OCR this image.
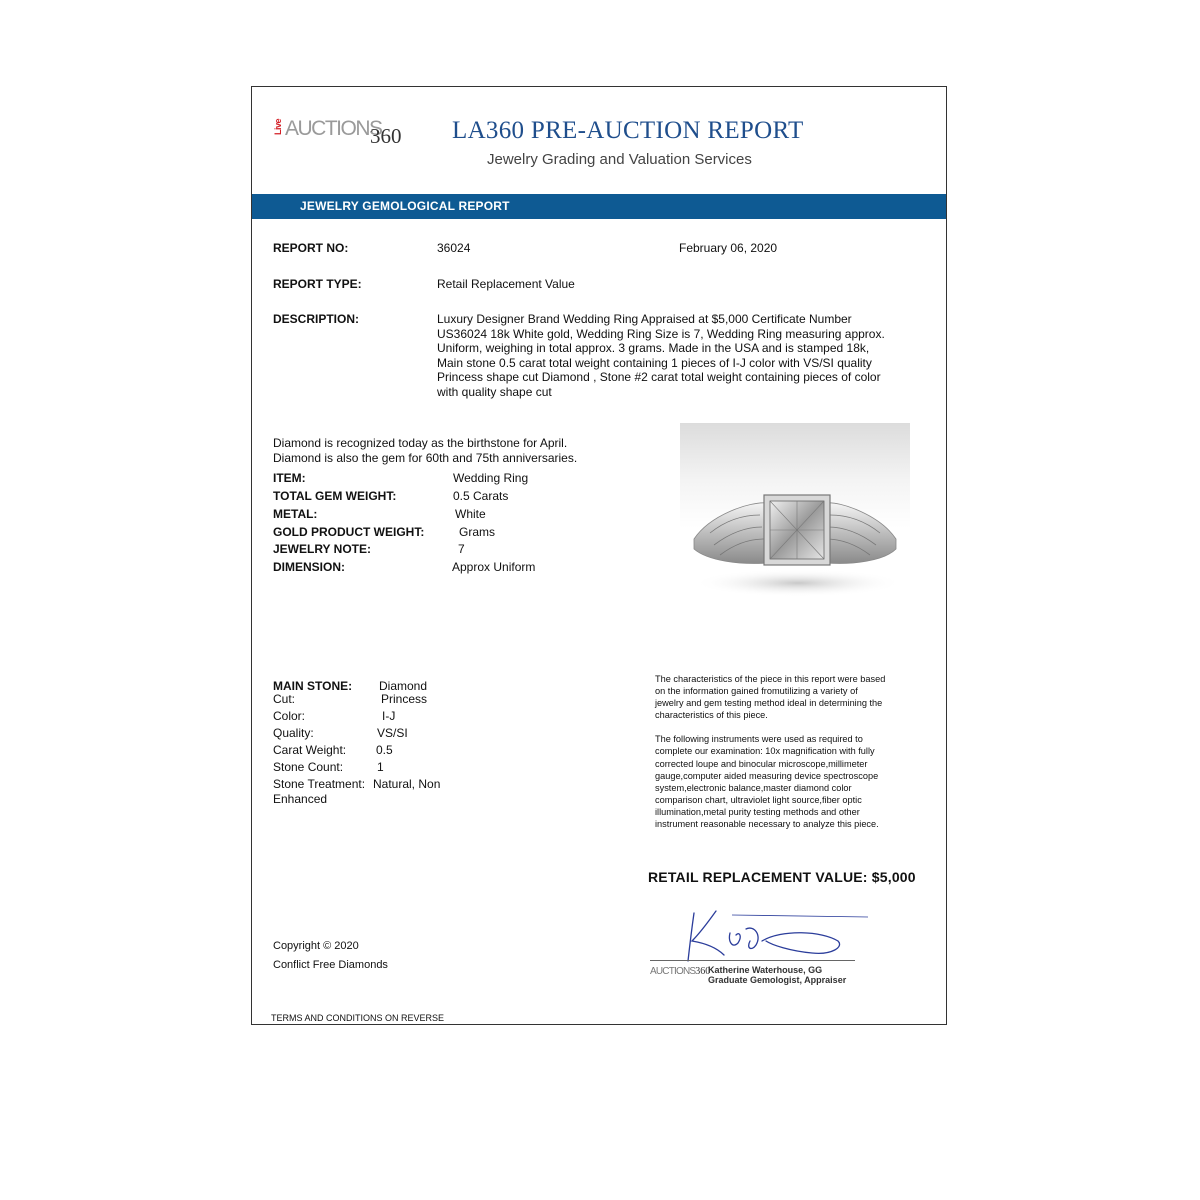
Live AUCTIONS
360 LA360 PRE-AUCTION REPORT
Jewelry Grading and Valuation Services
JEWELRY GEMOLOGICAL REPORT
REPORT NO:	36024	February 06, 2020
REPORT TYPE:	Retail Replacement Value
DESCRIPTION:	Luxury Designer Brand Wedding Ring Appraised at $5,000 Certificate Number
US36024 18k White gold, Wedding Ring Size is 7, Wedding Ring measuring approx.
Uniform, weighing in total approx. 3 grams. Made in the USA and is stamped 18k,
Main stone 0.5 carat total weight containing 1 pieces of I-J color with VS/SI quality
Princess shape cut Diamond , Stone #2 carat total weight containing pieces of color
with quality shape cut
Diamond is recognized today as the birthstone for April.
Diamond is also the gem for 60th and 75th anniversaries.
ITEM:	Wedding Ring
TOTAL GEM WEIGHT:	0.5 Carats
METAL:	White
GOLD PRODUCT WEIGHT:	Grams
JEWELRY NOTE:	7
DIMENSION:	Approx Uniform
MAIN STONE: Diamond
Cut:	Princess
Color:	I-J
Quality:	VS/SI
Carat Weight: 0.5
Stone Count:	1
Stone Treatment: Natural, Non
Enhanced
The characteristics of the piece in this report were based
on the information gained fromutilizing a variety of
jewelry and gem testing method ideal in determining the
characteristics of this piece.
The following instruments were used as required to
complete our examination: 10x magnification with fully
corrected loupe and binocular microscope,millimeter
gauge,computer aided measuring device spectroscope
system,electronic balance,master diamond color
comparison chart, ultraviolet light source,fiber optic
illumination,metal purity testing methods and other
instrument reasonable necessary to analyze this piece.
RETAIL REPLACEMENT VALUE: $5,000
AUCTIONS360
Katherine Waterhouse, GG
Graduate Gemologist, Appraiser
Copyright © 2020
Conflict Free Diamonds
TERMS AND CONDITIONS ON REVERSE
